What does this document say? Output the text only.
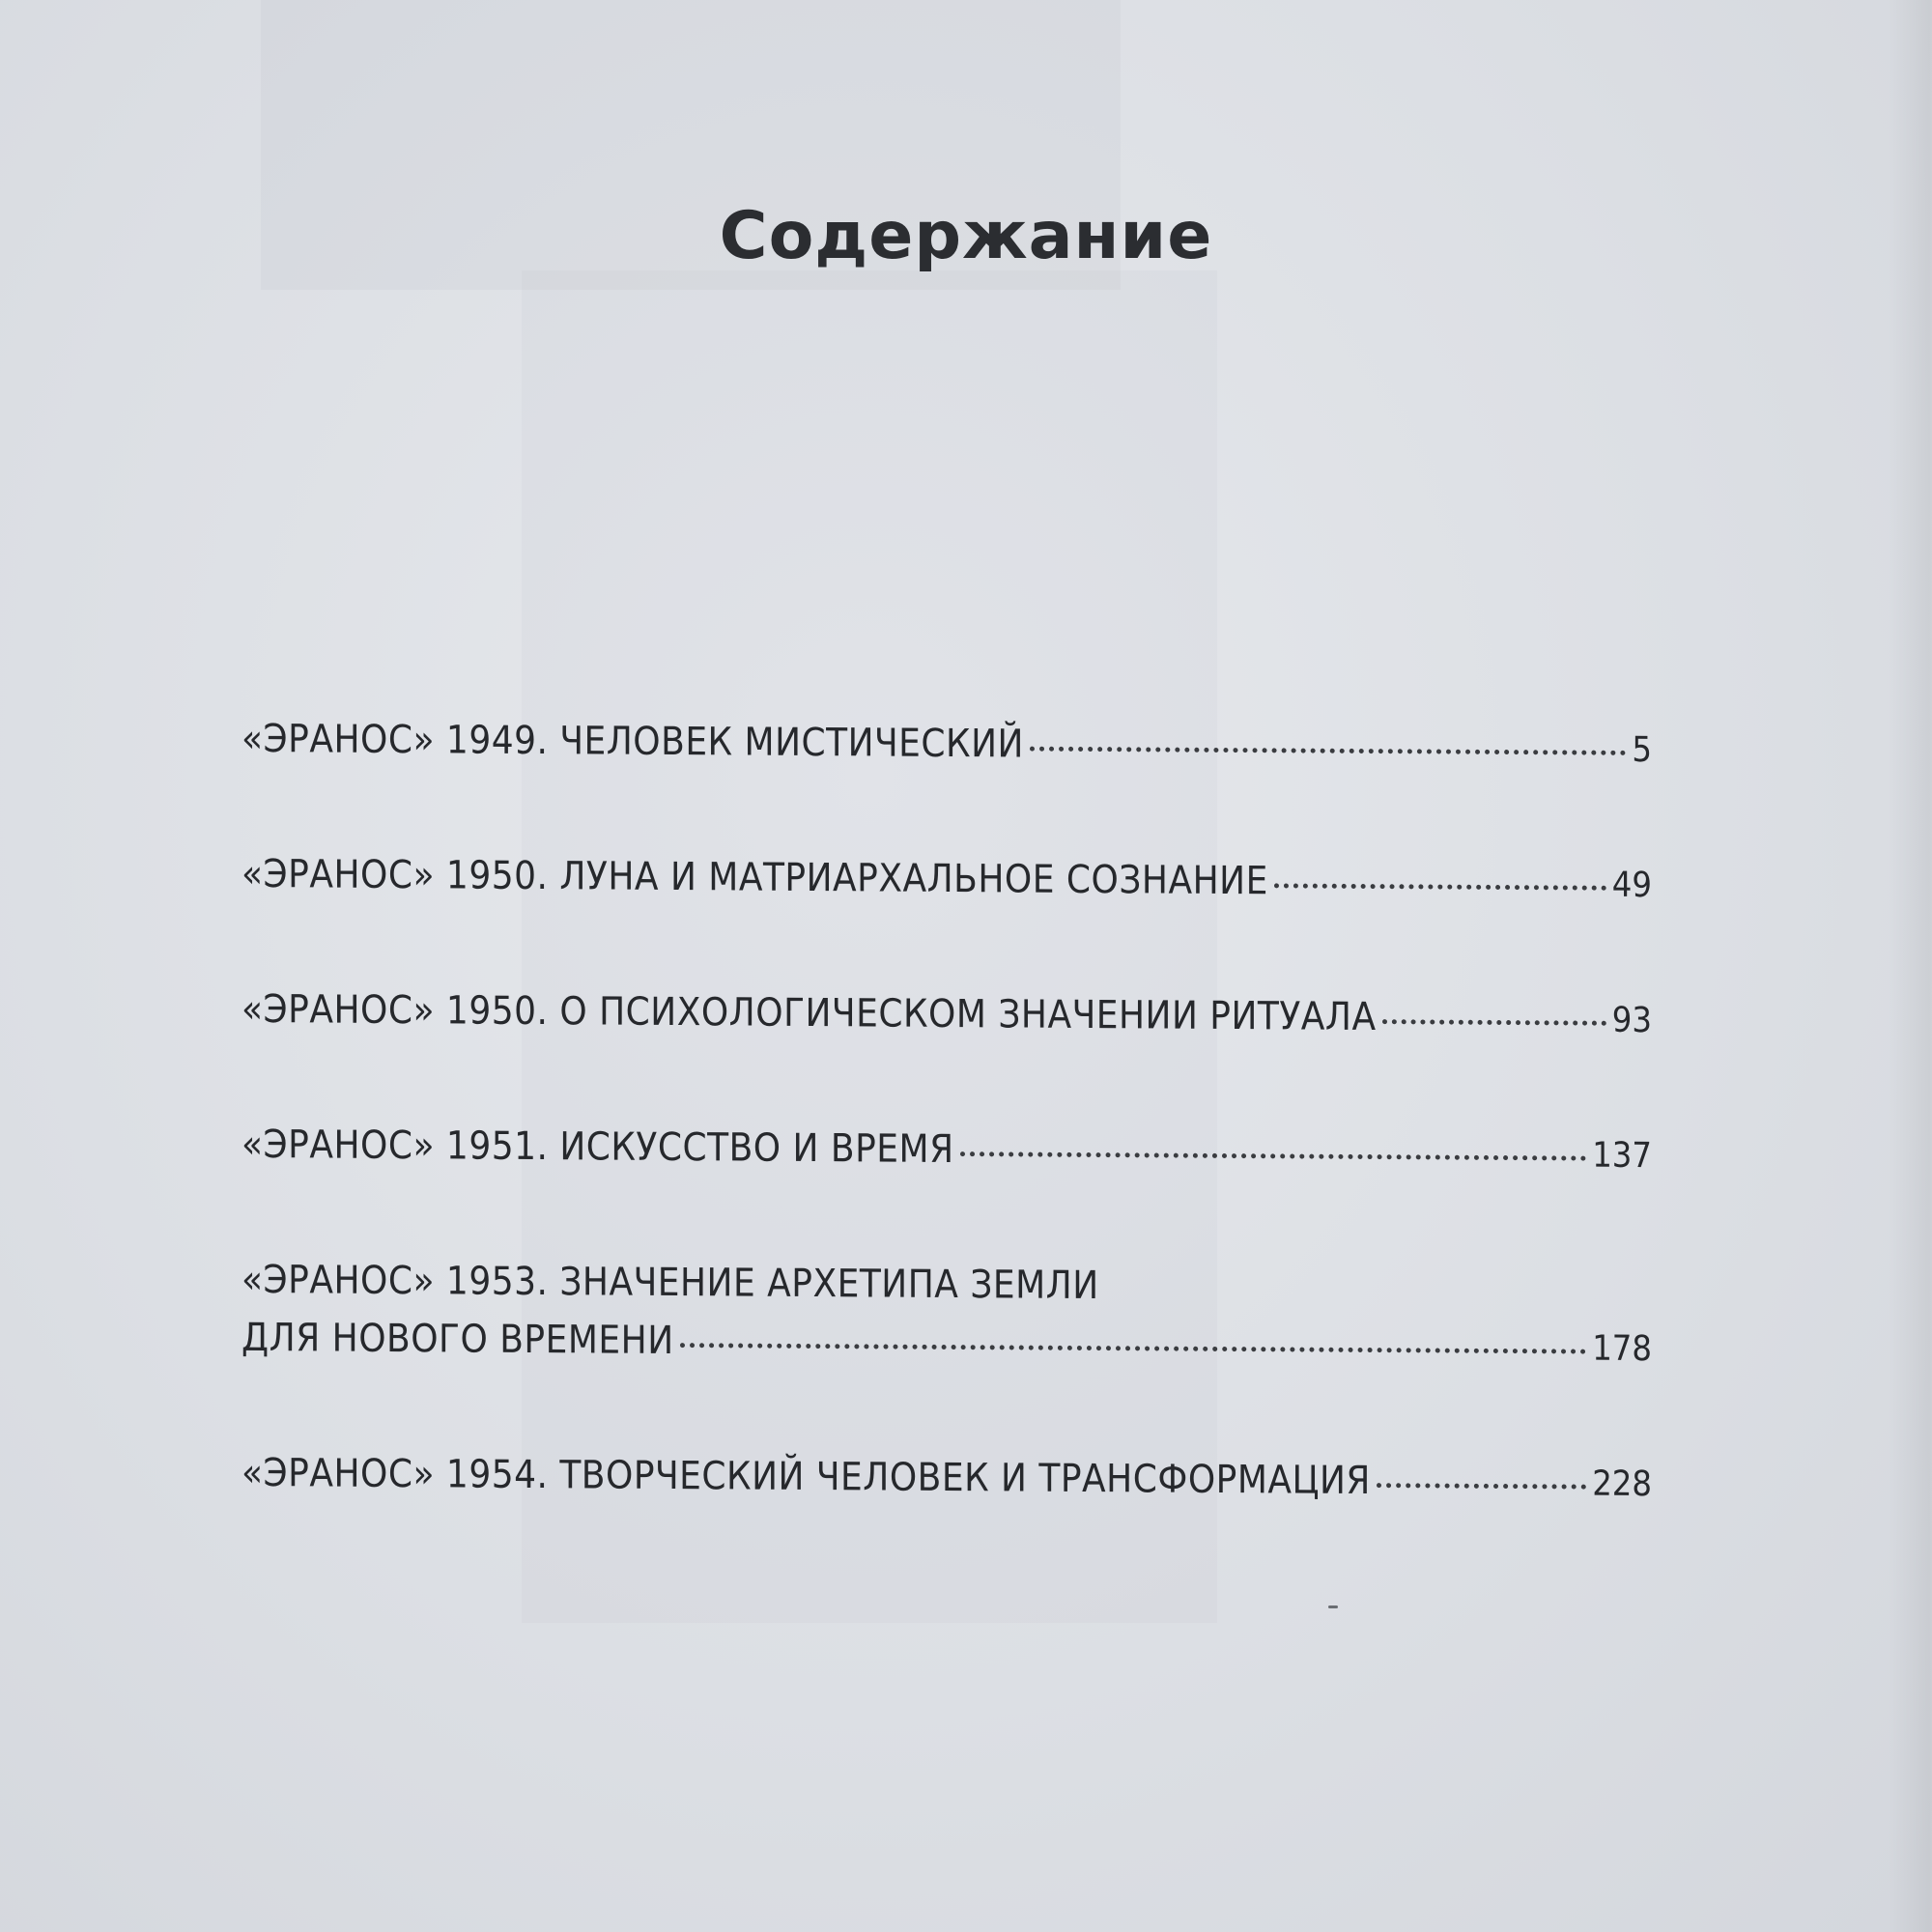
Содержание
«ЭРАНОС» 1949. ЧЕЛОВЕК МИСТИЧЕСКИЙ	5
«ЭРАНОС» 1950. ЛУНА И МАТРИАРХАЛЬНОЕ СОЗНАНИЕ	49
«ЭРАНОС» 1950. О ПСИХОЛОГИЧЕСКОМ ЗНАЧЕНИИ РИТУАЛА	93
«ЭРАНОС» 1951. ИСКУССТВО И ВРЕМЯ	137
«ЭРАНОС» 1953. ЗНАЧЕНИЕ АРХЕТИПА ЗЕМЛИ
ДЛЯ НОВОГО ВРЕМЕНИ	178
«ЭРАНОС» 1954. ТВОРЧЕСКИЙ ЧЕЛОВЕК И ТРАНСФОРМАЦИЯ	228
